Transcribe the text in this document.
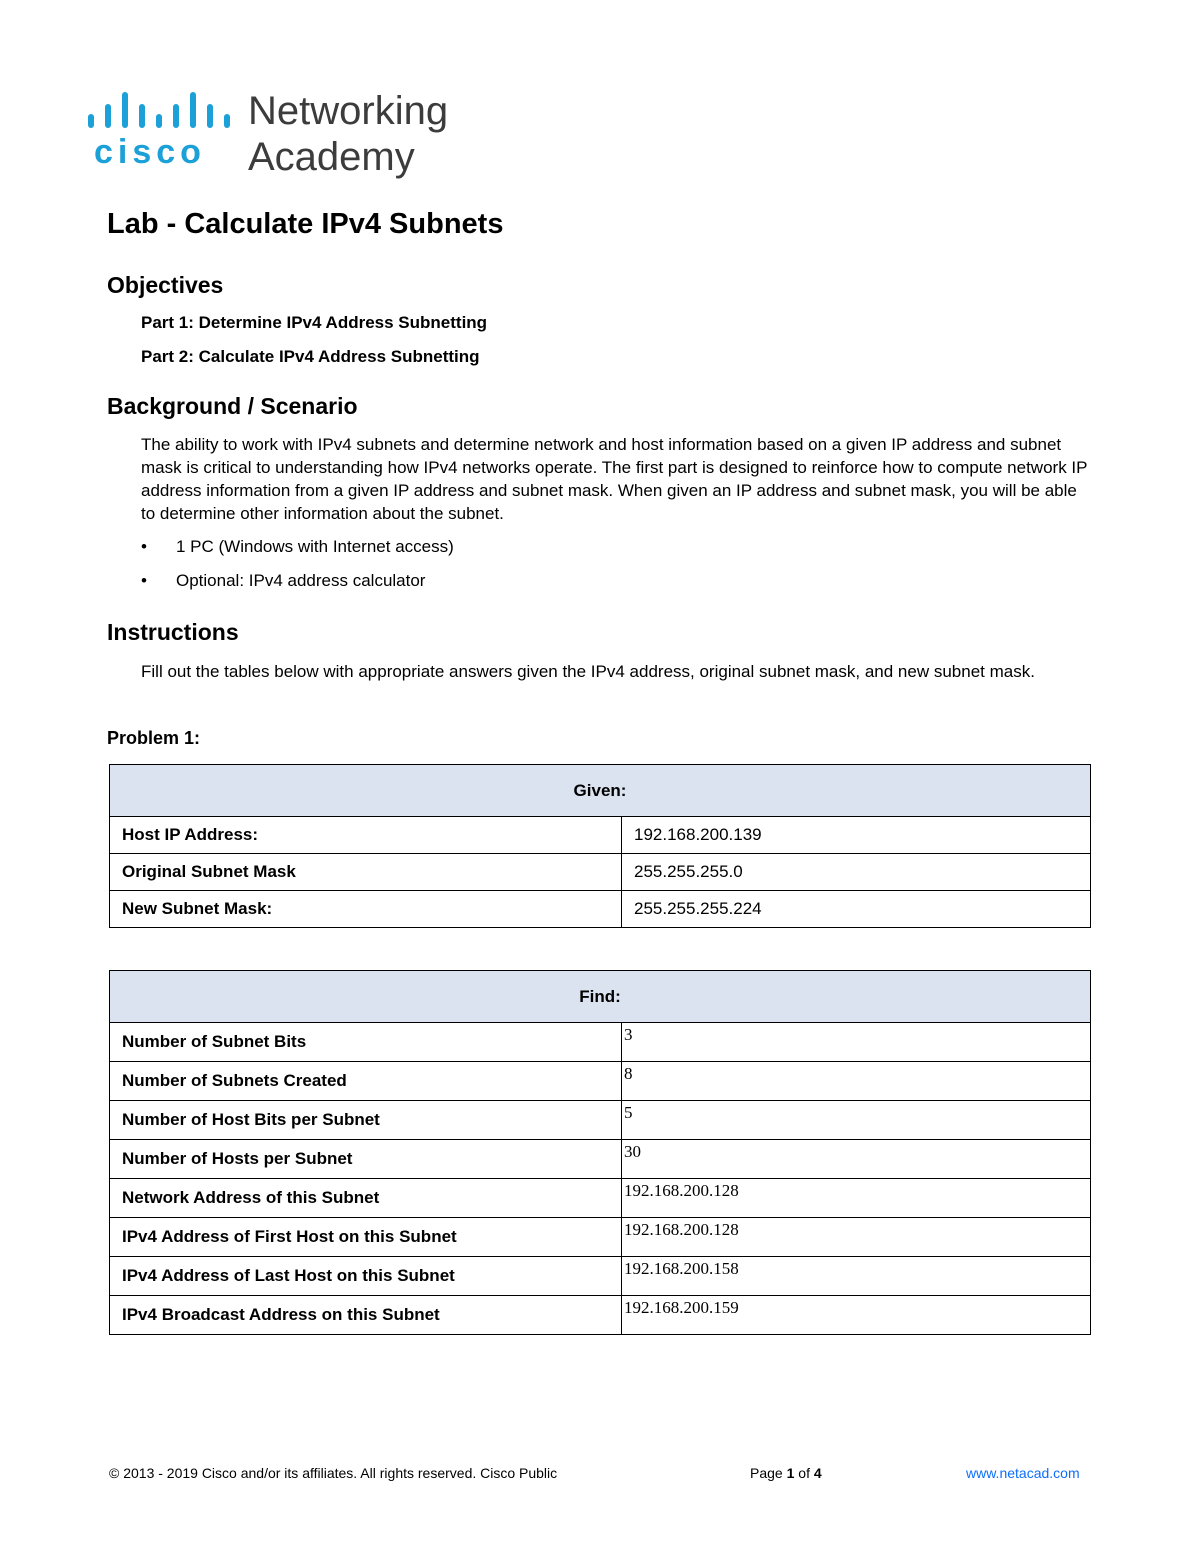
cisco
Networking
Academy
Lab - Calculate IPv4 Subnets
Objectives

Part 1: Determine IPv4 Address Subnetting

Part 2: Calculate IPv4 Address Subnetting

Background / Scenario

The ability to work with IPv4 subnets and determine network and host information based on a given IP address and subnet mask is critical to understanding how IPv4 networks operate. The first part is designed to reinforce how to compute network IP address information from a given IP address and subnet mask. When given an IP address and subnet mask, you will be able to determine other information about the subnet.

• 1 PC (Windows with Internet access)
• Optional: IPv4 address calculator
Instructions

Fill out the tables below with appropriate answers given the IPv4 address, original subnet mask, and new subnet mask.

Problem 1:

Given:	
Host IP Address:	192.168.200.139
Original Subnet Mask	255.255.255.0
New Subnet Mask:	255.255.255.224
Find:	
Number of Subnet Bits	3
Number of Subnets Created	8
Number of Host Bits per Subnet	5
Number of Hosts per Subnet	30
Network Address of this Subnet	192.168.200.128
IPv4 Address of First Host on this Subnet	192.168.200.128
IPv4 Address of Last Host on this Subnet	192.168.200.158
IPv4 Broadcast Address on this Subnet	192.168.200.159
© 2013 - 2019 Cisco and/or its affiliates. All rights reserved. Cisco Public	Page 1 of 4	www.netacad.com
